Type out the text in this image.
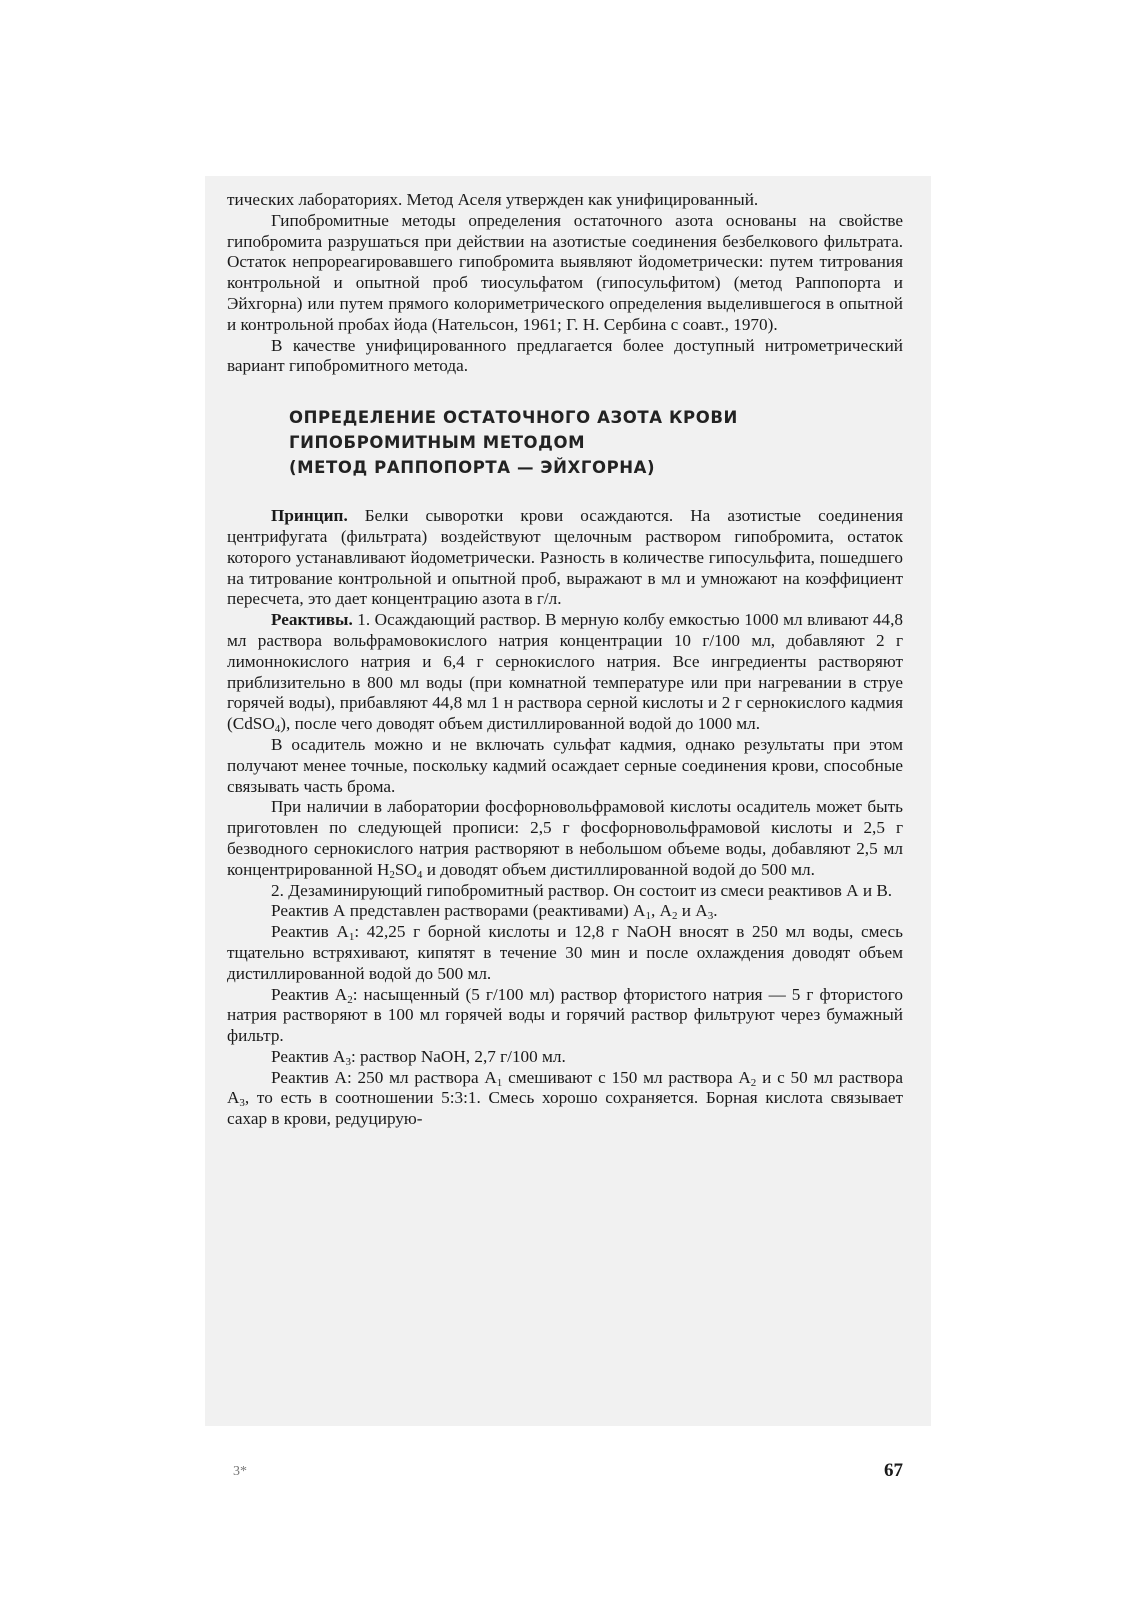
тических лабораториях. Метод Аселя утвержден как унифицированный.

Гипобромитные методы определения остаточного азота основаны на свойстве гипобромита разрушаться при действии на азотистые соединения безбелкового фильтрата. Остаток непрореагировавшего гипобромита выявляют йодометрически: путем титрования контрольной и опытной проб тиосульфатом (гипосульфитом) (метод Раппопорта и Эйхгорна) или путем прямого колориметрического определения выделившегося в опытной и контрольной пробах йода (Нательсон, 1961; Г. Н. Сербина с соавт., 1970).

В качестве унифицированного предлагается более доступный нитрометрический вариант гипобромитного метода.

ОПРЕДЕЛЕНИЕ ОСТАТОЧНОГО АЗОТА КРОВИ
ГИПОБРОМИТНЫМ МЕТОДОМ
(МЕТОД РАППОПОРТА — ЭЙХГОРНА)

Принцип. Белки сыворотки крови осаждаются. На азотистые соединения центрифугата (фильтрата) воздействуют щелочным раствором гипобромита, остаток которого устанавливают йодометрически. Разность в количестве гипосульфита, пошедшего на титрование контрольной и опытной проб, выражают в мл и умножают на коэффициент пересчета, это дает концентрацию азота в г/л.

Реактивы. 1. Осаждающий раствор. В мерную колбу емкостью 1000 мл вливают 44,8 мл раствора вольфрамовокислого натрия концентрации 10 г/100 мл, добавляют 2 г лимоннокислого натрия и 6,4 г сернокислого натрия. Все ингредиенты растворяют приблизительно в 800 мл воды (при комнатной температуре или при нагревании в струе горячей воды), прибавляют 44,8 мл 1 н раствора серной кислоты и 2 г сернокислого кадмия (CdSO$_4$), после чего доводят объем дистиллированной водой до 1000 мл.

В осадитель можно и не включать сульфат кадмия, однако результаты при этом получают менее точные, поскольку кадмий осаждает серные соединения крови, способные связывать часть брома.

При наличии в лаборатории фосфорновольфрамовой кислоты осадитель может быть приготовлен по следующей прописи: 2,5 г фосфорновольфрамовой кислоты и 2,5 г безводного сернокислого натрия растворяют в небольшом объеме воды, добавляют 2,5 мл концентрированной $H_2SO_4$ и доводят объем дистиллированной водой до 500 мл.

2. Дезаминирующий гипобромитный раствор. Он состоит из смеси реактивов А и В.

Реактив А представлен растворами (реактивами) $А_1$, $А_2$ и $А_3$.

Реактив $А_1$: 42,25 г борной кислоты и 12,8 г NaOH вносят в 250 мл воды, смесь тщательно встряхивают, кипятят в течение 30 мин и после охлаждения доводят объем дистиллированной водой до 500 мл.

Реактив $А_2$: насыщенный (5 г/100 мл) раствор фтористого натрия — 5 г фтористого натрия растворяют в 100 мл горячей воды и горячий раствор фильтруют через бумажный фильтр.

Реактив $А_3$: раствор NaOH, 2,7 г/100 мл.

Реактив А: 250 мл раствора $А_1$ смешивают с 150 мл раствора $А_2$ и с 50 мл раствора $А_3$, то есть в соотношении 5:3:1. Смесь хорошо сохраняется. Борная кислота связывает сахар в крови, редуцирую-

3*	67
